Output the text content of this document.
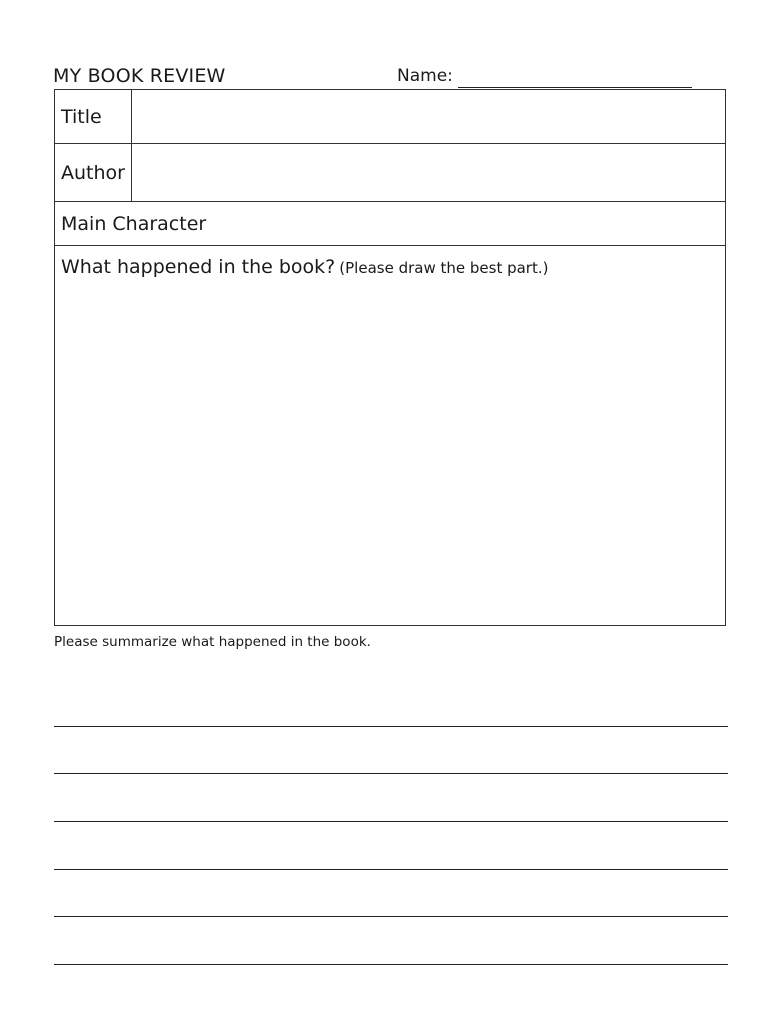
MY BOOK REVIEW	Name:
Title
Author
Main Character
What happened in the book? (Please draw the best part.)
Please summarize what happened in the book.
